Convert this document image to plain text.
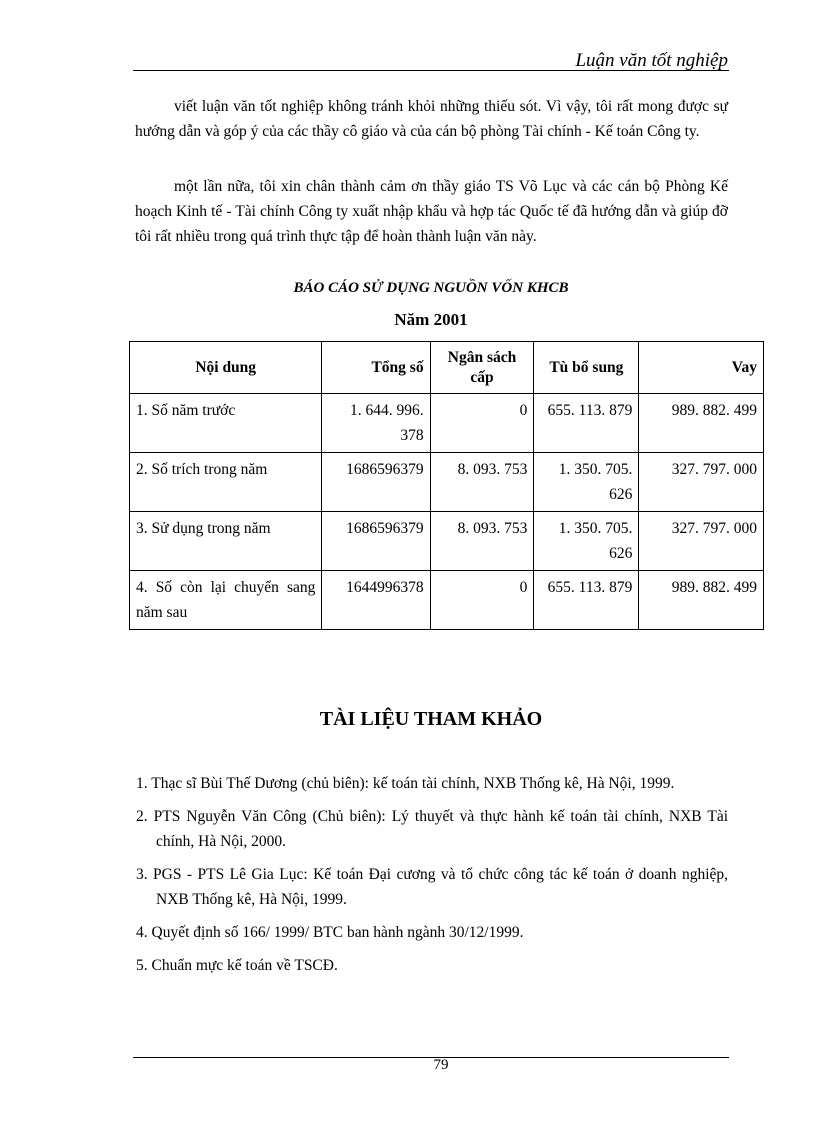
Luận văn tốt nghiệp

viết luận văn tốt nghiệp không tránh khỏi những thiếu sót. Vì vậy, tôi rất mong được sự hướng dẫn và góp ý của các thầy cô giáo và của cán bộ phòng Tài chính - Kế toán Công ty.

một lần nữa, tôi xin chân thành cảm ơn thầy giáo TS Võ Lục và các cán bộ Phòng Kế hoạch Kinh tế - Tài chính Công ty xuất nhập khẩu và hợp tác Quốc tế đã hướng dẫn và giúp đỡ tôi rất nhiều trong quá trình thực tập để hoàn thành luận văn này.

BÁO CÁO SỬ DỤNG NGUỒN VỐN KHCB
Năm 2001
Nội dung	Tổng số	Ngân sách cấp	Tù bổ sung	Vay
1. Số năm trước	1. 644. 996. 378	0	655. 113. 879	989. 882. 499
2. Số trích trong năm	1686596379	8. 093. 753	1. 350. 705. 626	327. 797. 000
3. Sử dụng trong năm	1686596379	8. 093. 753	1. 350. 705. 626	327. 797. 000
4. Số còn lại chuyển sang năm sau	1644996378	0	655. 113. 879	989. 882. 499
TÀI LIỆU THAM KHẢO
1. Thạc sĩ Bùi Thế Dương (chủ biên): kế toán tài chính, NXB Thống kê, Hà Nội, 1999.
2. PTS Nguyễn Văn Công (Chủ biên): Lý thuyết và thực hành kế toán tài chính, NXB Tài chính, Hà Nội, 2000.
3. PGS - PTS Lê Gia Lục: Kế toán Đại cương và tổ chức công tác kế toán ở doanh nghiệp, NXB Thống kê, Hà Nội, 1999.
4. Quyết định số 166/ 1999/ BTC ban hành ngành 30/12/1999.
5. Chuẩn mực kế toán về TSCĐ.
79
